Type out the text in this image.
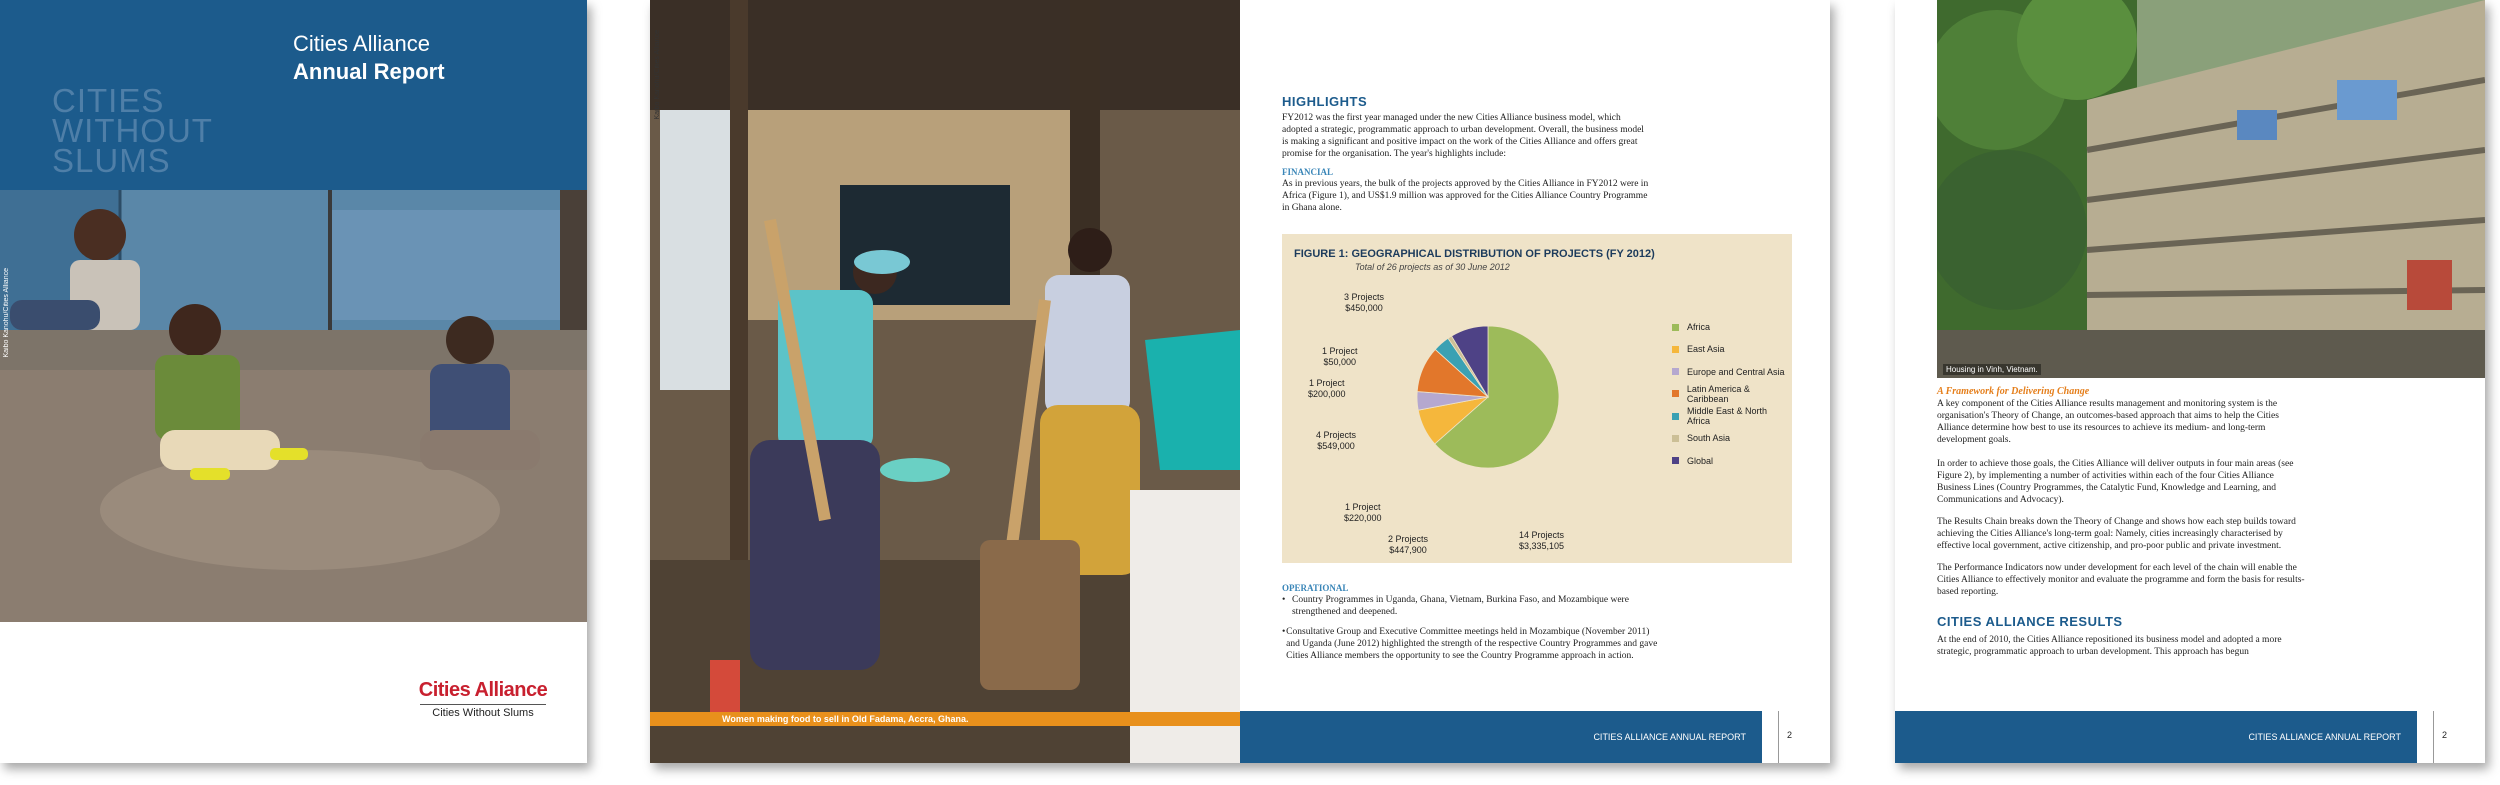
Cities Alliance
Annual Report
CITIES
WITHOUT
SLUMS
Kaibo Kanohu/Cities Alliance
Cities Alliance
Cities Without Slums
Kaibo Kanohu/Cities Alliance
Women making food to sell in Old Fadama, Accra, Ghana.
HIGHLIGHTS
FY2012 was the first year managed under the new Cities Alliance business model, which adopted a strategic, programmatic approach to urban development. Overall, the business model is making a significant and positive impact on the work of the Cities Alliance and offers great promise for the organisation. The year's highlights include:
FINANCIAL
As in previous years, the bulk of the projects approved by the Cities Alliance in FY2012 were in Africa (Figure 1), and US$1.9 million was approved for the Cities Alliance Country Programme in Ghana alone.
FIGURE 1: GEOGRAPHICAL DISTRIBUTION OF PROJECTS (FY 2012)
Total of 26 projects as of 30 June 2012
14 Projects
$3,335,105
2 Projects
$447,900
1 Project
$220,000
4 Projects
$549,000
1 Project
$200,000
1 Project
$50,000
3 Projects
$450,000
Africa
East Asia
Europe and Central Asia
Latin America & Caribbean
Middle East & North Africa
South Asia
Global
OPERATIONAL
• Country Programmes in Uganda, Ghana, Vietnam, Burkina Faso, and Mozambique were strengthened and deepened.
• Consultative Group and Executive Committee meetings held in Mozambique (November 2011) and Uganda (June 2012) highlighted the strength of the respective Country Programmes and gave Cities Alliance members the opportunity to see the Country Programme approach in action.
CITIES ALLIANCE ANNUAL REPORT	2
Housing in Vinh, Vietnam.
A Framework for Delivering Change
A key component of the Cities Alliance results management and monitoring system is the organisation's Theory of Change, an outcomes-based approach that aims to help the Cities Alliance determine how best to use its resources to achieve its medium- and long-term development goals.
In order to achieve those goals, the Cities Alliance will deliver outputs in four main areas (see Figure 2), by implementing a number of activities within each of the four Cities Alliance Business Lines (Country Programmes, the Catalytic Fund, Knowledge and Learning, and Communications and Advocacy).
The Results Chain breaks down the Theory of Change and shows how each step builds toward achieving the Cities Alliance's long-term goal: Namely, cities increasingly characterised by effective local government, active citizenship, and pro-poor public and private investment.
The Performance Indicators now under development for each level of the chain will enable the Cities Alliance to effectively monitor and evaluate the programme and form the basis for results-based reporting.
CITIES ALLIANCE RESULTS
At the end of 2010, the Cities Alliance repositioned its business model and adopted a more strategic, programmatic approach to urban development. This approach has begun
CITIES ALLIANCE ANNUAL REPORT	2
